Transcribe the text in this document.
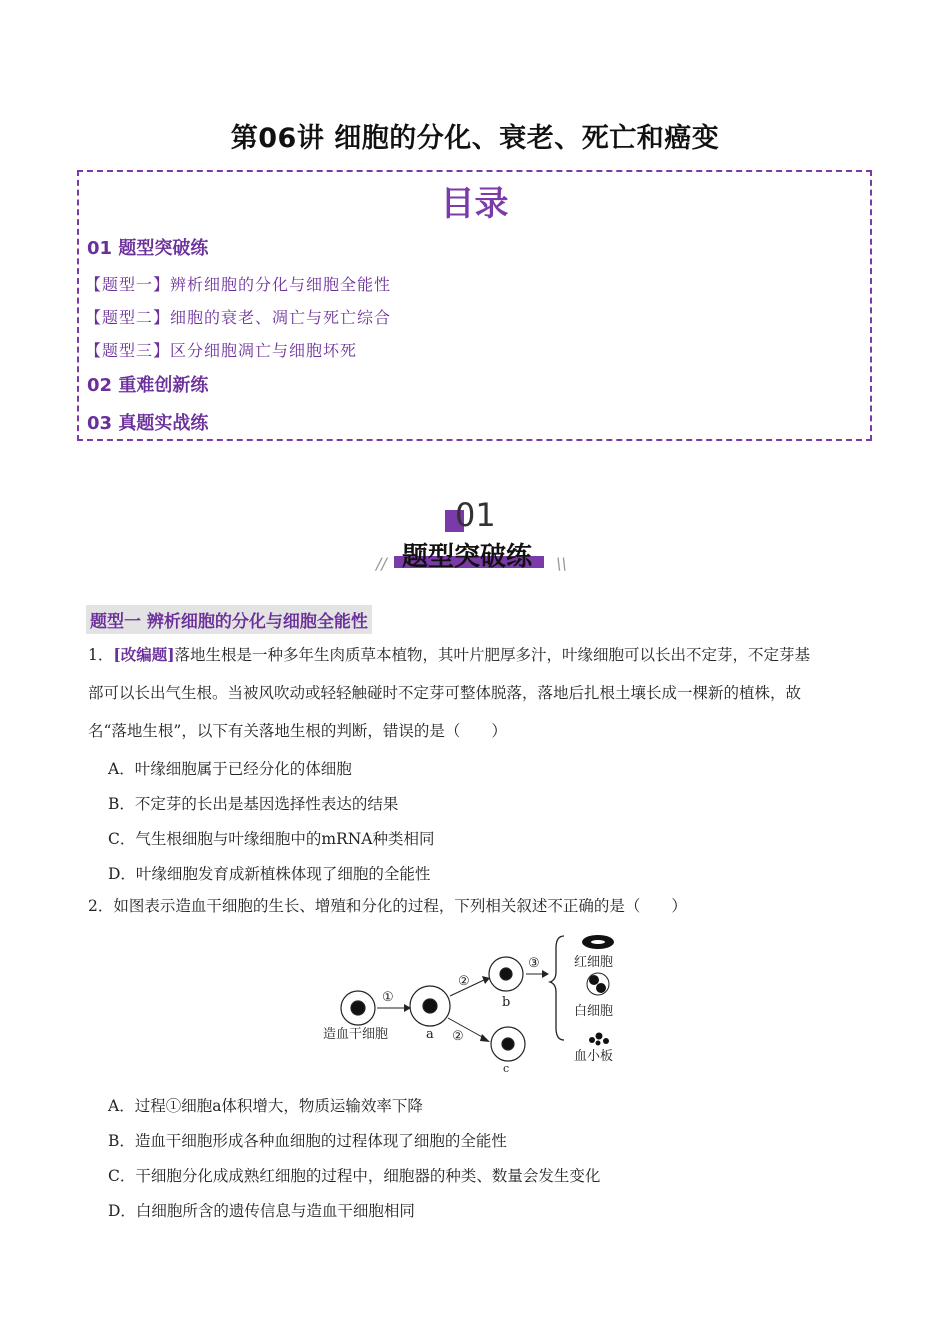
第06讲 细胞的分化、衰老、死亡和癌变
目录
01 题型突破练
【题型一】辨析细胞的分化与细胞全能性
【题型二】细胞的衰老、凋亡与死亡综合
【题型三】区分细胞凋亡与细胞坏死
02 重难创新练
03 真题实战练
01
// 题型突破练 \\
题型一 辨析细胞的分化与细胞全能性
1．[改编题]落地生根是一种多年生肉质草本植物，其叶片肥厚多汁，叶缘细胞可以长出不定芽，不定芽基
部可以长出气生根。当被风吹动或轻轻触碰时不定芽可整体脱落，落地后扎根土壤长成一棵新的植株，故
名“落地生根”，以下有关落地生根的判断，错误的是（　　）
A．叶缘细胞属于已经分化的体细胞
B．不定芽的长出是基因选择性表达的结果
C．气生根细胞与叶缘细胞中的mRNA种类相同
D．叶缘细胞发育成新植株体现了细胞的全能性
2．如图表示造血干细胞的生长、增殖和分化的过程，下列相关叙述不正确的是（　　）
造血干细胞
①
a
②
②
b
c
③	红细胞
白细胞
血小板
A．过程①细胞a体积增大，物质运输效率下降
B．造血干细胞形成各种血细胞的过程体现了细胞的全能性
C．干细胞分化成成熟红细胞的过程中，细胞器的种类、数量会发生变化
D．白细胞所含的遗传信息与造血干细胞相同
